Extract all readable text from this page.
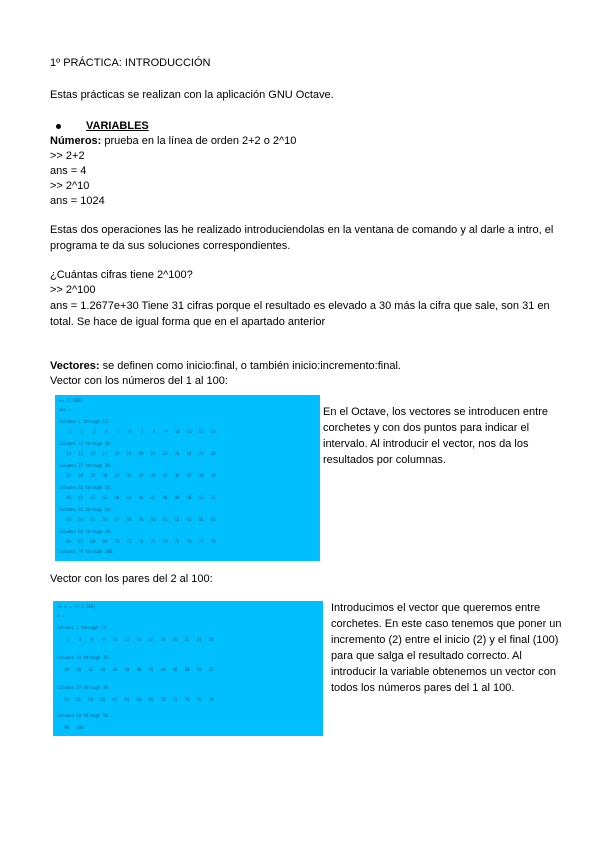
1º PRÁCTICA: INTRODUCCIÓN
Estas prácticas se realizan con la aplicación GNU Octave.
VARIABLES
Números: prueba en la línea de orden 2+2 o 2^10
>> 2+2
ans = 4
>> 2^10
ans = 1024
Estas dos operaciones las he realizado introduciendolas en la ventana de comando y al darle a intro, el programa te da sus soluciones correspondientes.
¿Cuántas cifras tiene 2^100?
>> 2^100
ans = 1.2677e+30 Tiene 31 cifras porque el resultado es elevado a 30 más la cifra que sale, son 31 en total. Se hace de igual forma que en el apartado anterior
Vectores: se definen como inicio:final, o también inicio:incremento:final.
Vector con los números del 1 al 100:
>> [1:100]
ans =
Columns 1 through 13:
1    2    3    4    5    6    7    8    9   10   11   12   13
Columns 14 through 26:
14   15   16   17   18   19   20   21   22   23   24   25   26
Columns 27 through 39:
27   28   29   30   31   32   33   34   35   36   37   38   39
Columns 40 through 52:
40   41   42   43   44   45   46   47   48   49   50   51   52
Columns 53 through 65:
53   54   55   56   57   58   59   60   61   62   63   64   65
Columns 66 through 78:
66   67   68   69   70   71   72   73   74   75   76   77   78
Columns 79 through 100:
En el Octave, los vectores se introducen entre corchetes y con dos puntos para indicar el intervalo. Al introducir el vector, nos da los resultados por columnas.
Vector con los pares del 2 al 100:
>> a = [2:2:100]
a =
Columns 1 through 13:
2    4    6    8   10   12   14   16   18   20   22   24   26
Columns 14 through 26:
28   30   32   34   36   38   40   42   44   46   48   50   52
Columns 27 through 39:
54   56   58   60   62   64   66   68   70   72   74   76   78
Columns 40 through 50:
98   100
Introducimos el vector que queremos entre corchetes. En este caso tenemos que poner un incremento (2) entre el inicio (2) y el final (100) para que salga el resultado correcto. Al introducir la variable obtenemos un vector con todos los números pares del 1 al 100.
